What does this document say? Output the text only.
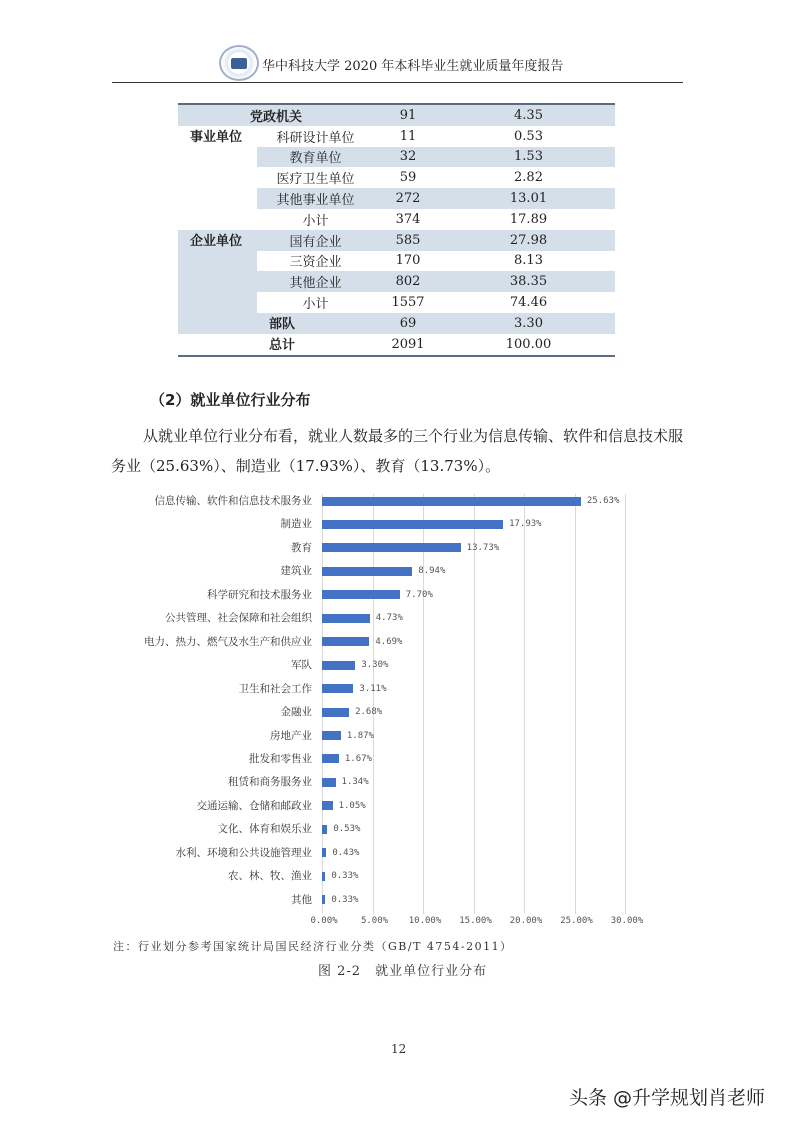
华中科技大学 2020 年本科毕业生就业质量年度报告
党政机关		91	4.35
事业单位	科研设计单位	11	0.53
	教育单位	32	1.53
	医疗卫生单位	59	2.82
	其他事业单位	272	13.01
	小计	374	17.89
企业单位	国有企业	585	27.98
	三资企业	170	8.13
	其他企业	802	38.35
	小计	1557	74.46
	部队	69	3.30
	总计	2091	100.00
（2）就业单位行业分布
从就业单位行业分布看，就业人数最多的三个行业为信息传输、软件和信息技术服务业（25.63%）、制造业（17.93%）、教育（13.73%）。
0.00%	5.00% 10.00% 15.00% 20.00% 25.00% 30.00%
信息传输、软件和信息技术服务业	25.63%
制造业	17.93%
教育	13.73%
建筑业	8.94%
科学研究和技术服务业	7.70%
公共管理、社会保障和社会组织	4.73%
电力、热力、燃气及水生产和供应业	4.69%
军队	3.30%
卫生和社会工作	3.11%
金融业	2.68%
房地产业	1.87%
批发和零售业	1.67%
租赁和商务服务业	1.34%
交通运输、仓储和邮政业	1.05%
文化、体育和娱乐业 0.53%
水利、环境和公共设施管理业 0.43%
农、林、牧、渔业 0.33%
其他 0.33%
注：行业划分参考国家统计局国民经济行业分类（GB/T 4754-2011）
图 2-2　就业单位行业分布
12
头条 @升学规划肖老师
